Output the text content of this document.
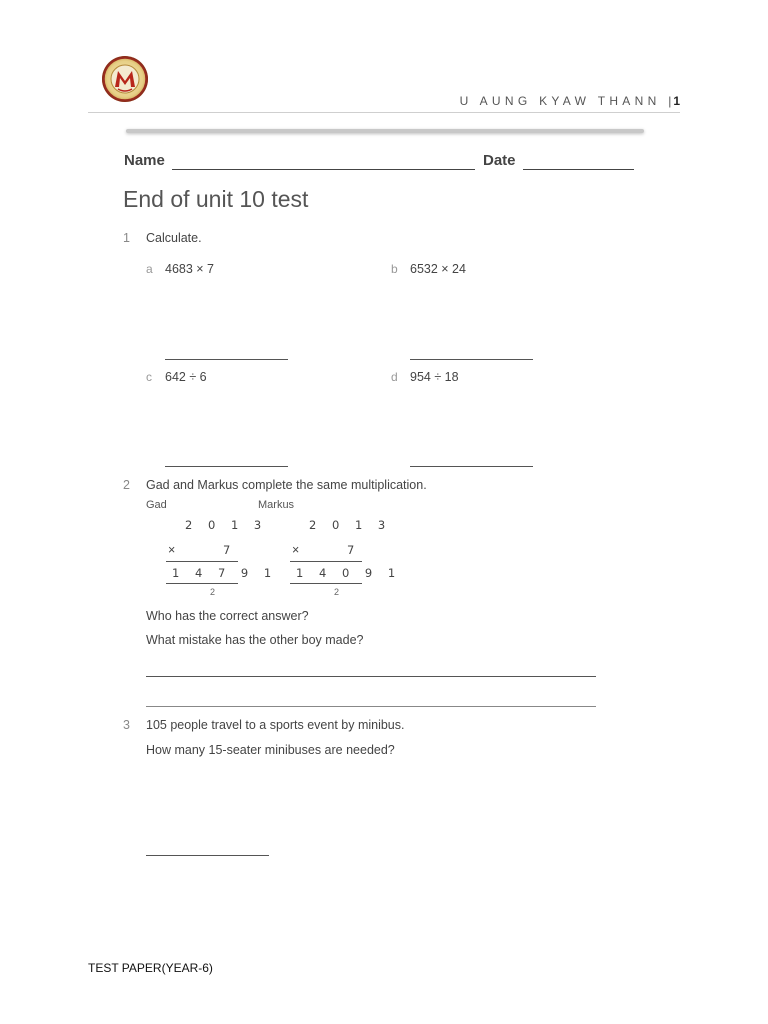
U AUNG KYAW THANN | 1
Name	Date
End of unit 10 test
1 Calculate.
a 4683 × 7	b 6532 × 24
c 642 ÷ 6	d 954 ÷ 18
2 Gad and Markus complete the same multiplication.
Gad
2 0 1 3
×	7
1 4 7 9 1
2
Markus
2 0 1 3
×	7
1 4 0 9 1
2
Who has the correct answer?
What mistake has the other boy made?
3 105 people travel to a sports event by minibus.
How many 15-seater minibuses are needed?
TEST PAPER(YEAR-6)
